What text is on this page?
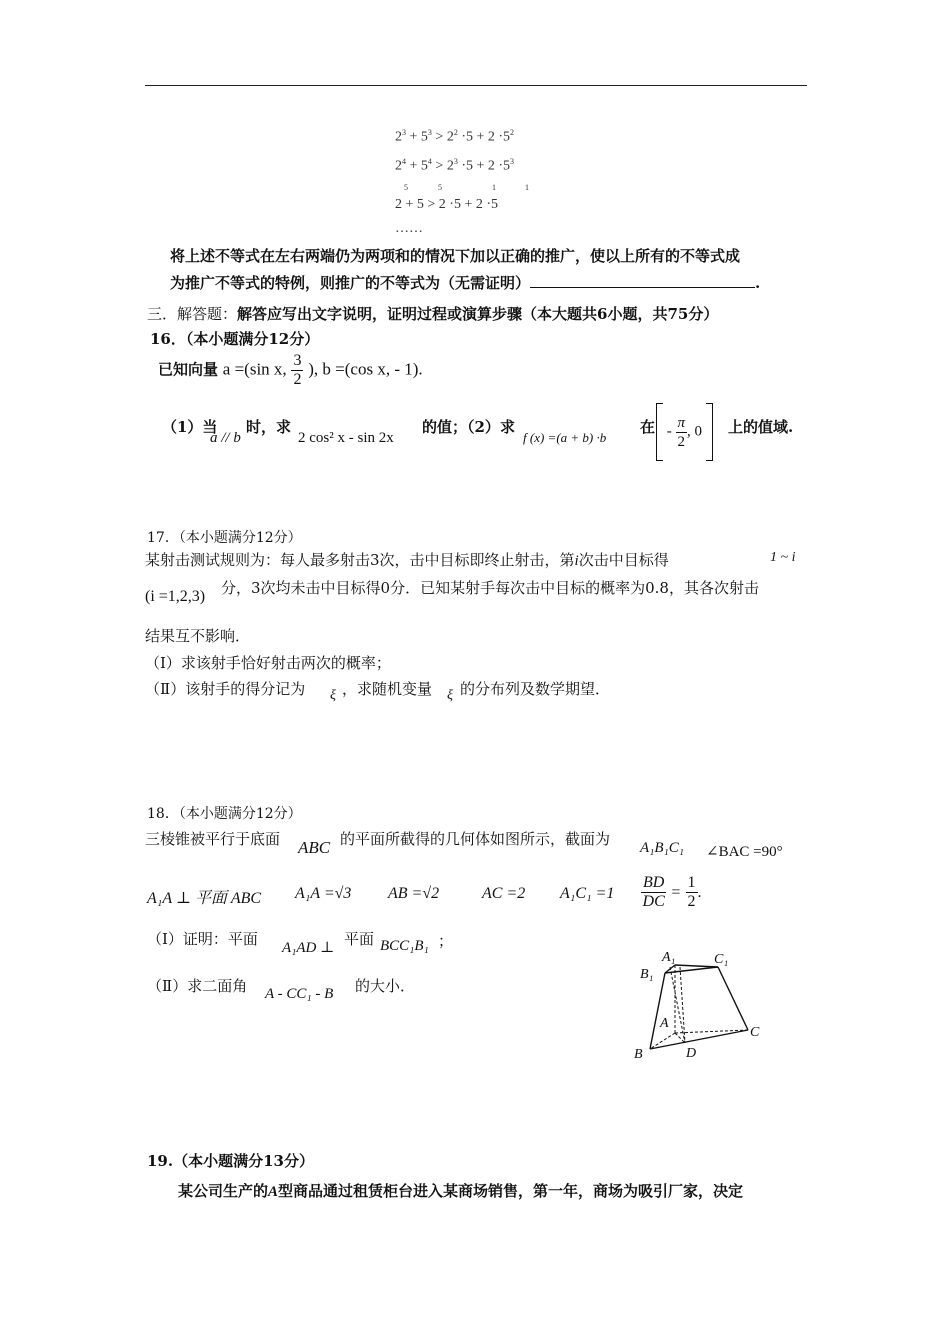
$2^3 + 5^3 > 2^2 \cdot 5 + 2 \cdot 5^2$
$2^4 + 5^4 > 2^3 \cdot 5 + 2 \cdot 5^3$
5	5	1	1
2 + 5 > 2 ·5 + 2 ·5
……
将上述不等式在左右两端仍为两项和的情况下加以正确的推广，使以上所有的不等式成
为推广不等式的特例，则推广的不等式为（无需证明）	.
三．解答题：解答应写出文字说明，证明过程或演算步骤（本大题共6小题，共75分）
16．（本小题满分12分）
已知向量 a =(sin x, $\frac{3}{2}$ ), b =(cos x, - 1).
（1）当
a // b
时，求
2 cos² x - sin 2x
的值；（2）求
f (x) =(a + b) ·b
在 - $\frac{\pi}{2}$ , 0	上的值域.
17．（本小题满分12分）
某射击测试规则为：每人最多射击3次，击中目标即终止射击，第i次击中目标得	1 ~ i
(i =1,2,3) 分，3次均未击中目标得0分．已知某射手每次击中目标的概率为0.8，其各次射击
结果互不影响．
（Ⅰ）求该射手恰好射击两次的概率；
（Ⅱ）该射手的得分记为 ξ ，求随机变量 ξ 的分布列及数学期望．
18．（本小题满分12分）
三棱锥被平行于底面 ABC 的平面所截得的几何体如图所示，截面为 A₁B₁C₁ ∠BAC =90°
A₁A ⊥ 平面 ABC A₁A =√3 AB =√2	AC =2 $A_1C_1 =1 \frac{BD}{DC} = \frac{1}{2}$ .
（Ⅰ）证明：平面 A₁AD ⊥ 平面 BCC₁B₁ ；
（Ⅱ）求二面角 A - CC₁ - B 的大小．
A₁	C₁
B₁
A
C
B	D
19.（本小题满分13分）
某公司生产的A型商品通过租赁柜台进入某商场销售，第一年，商场为吸引厂家，决定
